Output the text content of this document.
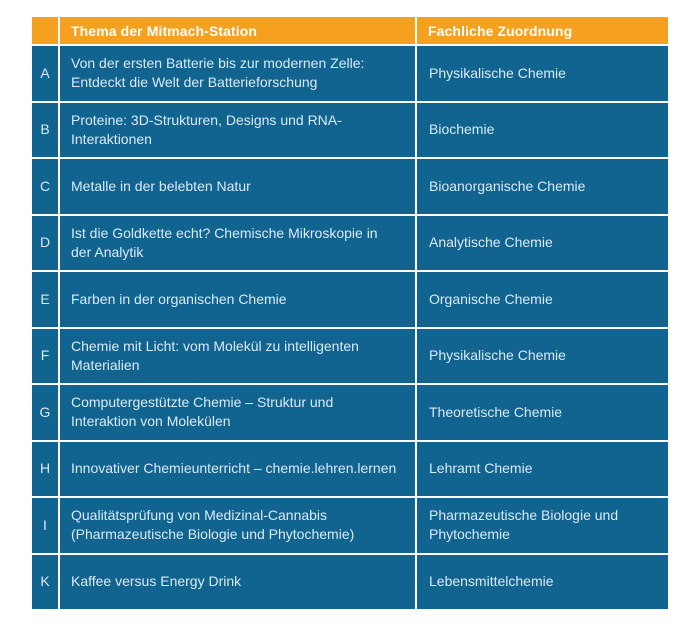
	Thema der Mitmach-Station	Fachliche Zuordnung
A	Von der ersten Batterie bis zur modernen Zelle: Entdeckt die Welt der Batterieforschung	Physikalische Chemie
B	Proteine: 3D-Strukturen, Designs und RNA-Interaktionen	Biochemie
C	Metalle in der belebten Natur	Bioanorganische Chemie
D	Ist die Goldkette echt? Chemische Mikroskopie in der Analytik	Analytische Chemie
E	Farben in der organischen Chemie	Organische Chemie
F	Chemie mit Licht: vom Molekül zu intelligenten Materialien	Physikalische Chemie
G	Computergestützte Chemie – Struktur und Interaktion von Molekülen	Theoretische Chemie
H	Innovativer Chemieunterricht – chemie.lehren.lernen	Lehramt Chemie
I	Qualitätsprüfung von Medizinal-Cannabis (Pharmazeutische Biologie und Phytochemie)	Pharmazeutische Biologie und Phytochemie
K	Kaffee versus Energy Drink	Lebensmittelchemie
